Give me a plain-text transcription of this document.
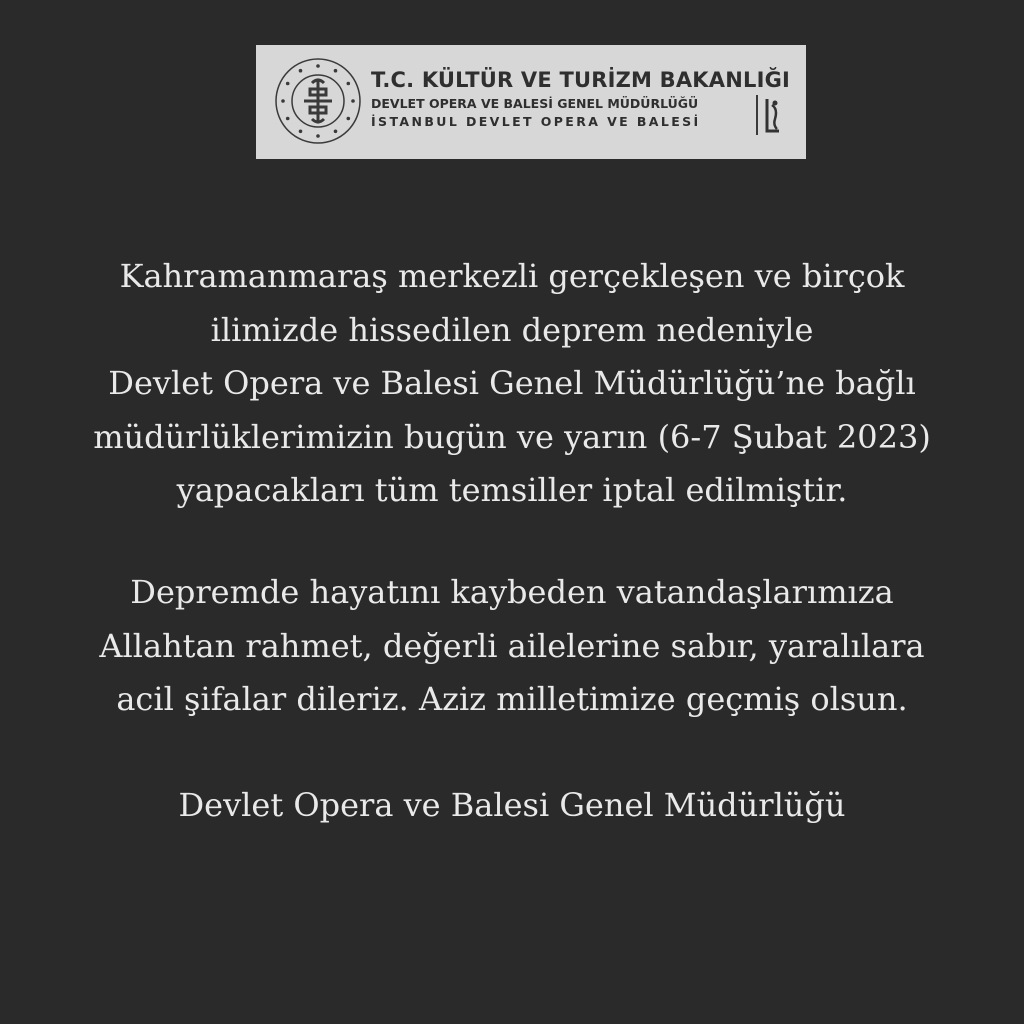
T.C. KÜLTÜR VE TURİZM BAKANLIĞI
DEVLET OPERA VE BALESİ GENEL MÜDÜRLÜĞÜ
İSTANBUL DEVLET OPERA VE BALESİ
Kahramanmaraş merkezli gerçekleşen ve birçok
ilimizde hissedilen deprem nedeniyle
Devlet Opera ve Balesi Genel Müdürlüğü’ne bağlı
müdürlüklerimizin bugün ve yarın (6-7 Şubat 2023)
yapacakları tüm temsiller iptal edilmiştir.
Depremde hayatını kaybeden vatandaşlarımıza
Allahtan rahmet, değerli ailelerine sabır, yaralılara
acil şifalar dileriz. Aziz milletimize geçmiş olsun.
Devlet Opera ve Balesi Genel Müdürlüğü
